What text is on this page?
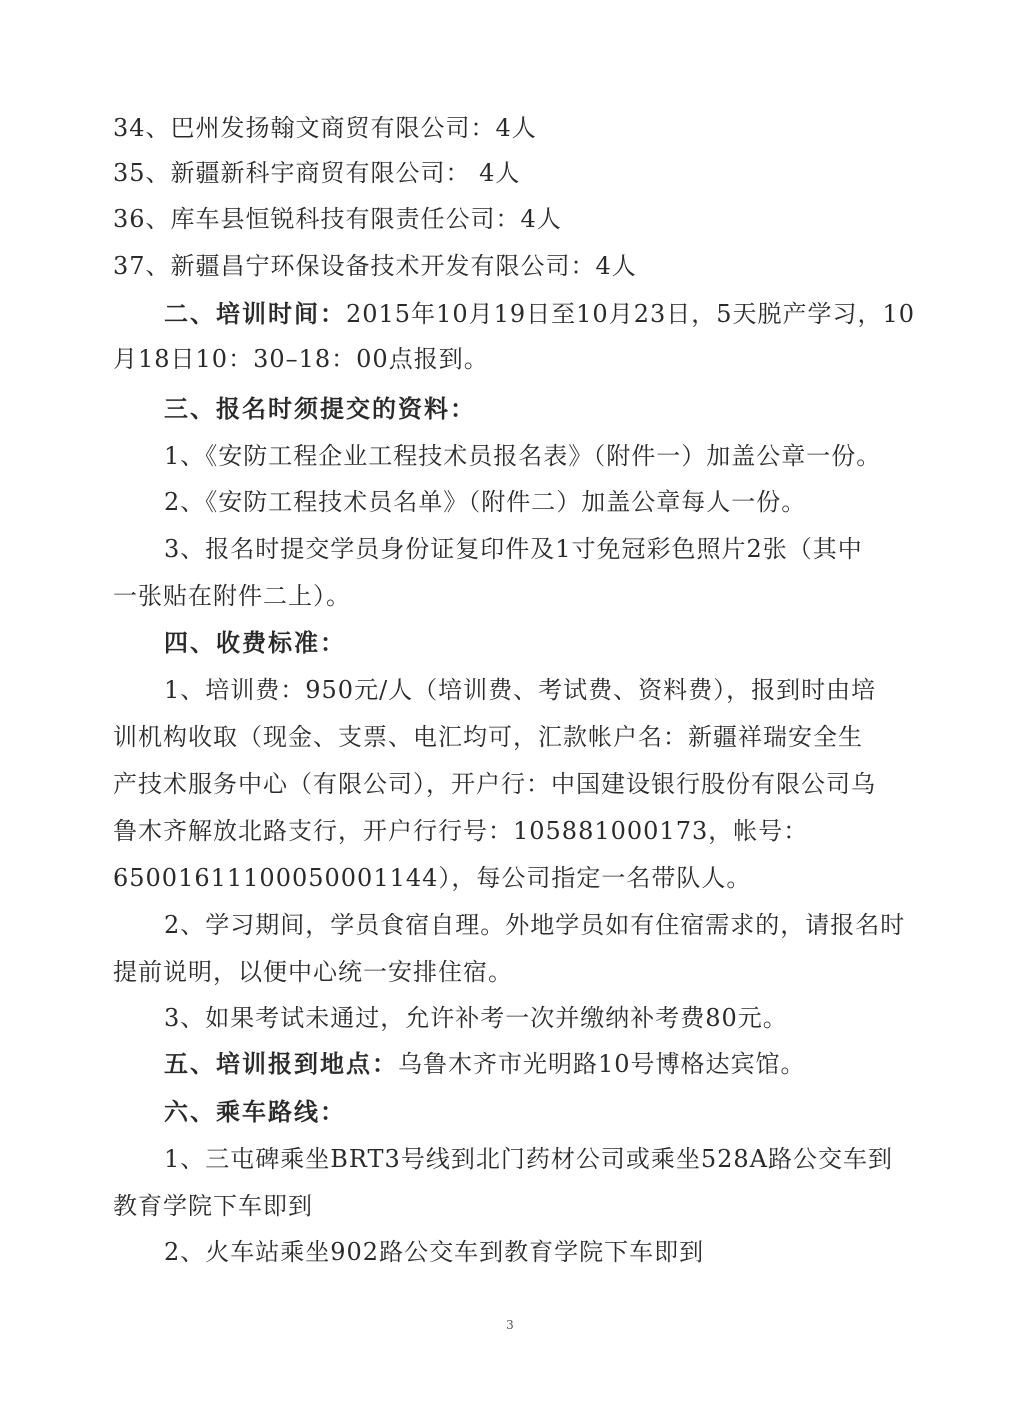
34、巴州发扬翰文商贸有限公司：4人
35、新疆新科宇商贸有限公司： 4人
36、库车县恒锐科技有限责任公司：4人
37、新疆昌宁环保设备技术开发有限公司：4人
二、培训时间：2015年10月19日至10月23日，5天脱产学习，10
月18日10：30–18：00点报到。
三、报名时须提交的资料：
1、《安防工程企业工程技术员报名表》（附件一）加盖公章一份。
2、《安防工程技术员名单》（附件二）加盖公章每人一份。
3、报名时提交学员身份证复印件及1寸免冠彩色照片2张（其中
一张贴在附件二上）。
四、收费标准：
1、培训费：950元/人（培训费、考试费、资料费），报到时由培
训机构收取（现金、支票、电汇均可，汇款帐户名：新疆祥瑞安全生
产技术服务中心（有限公司），开户行：中国建设银行股份有限公司乌
鲁木齐解放北路支行，开户行行号：105881000173，帐号：
65001611100050001144），每公司指定一名带队人。
2、学习期间，学员食宿自理。外地学员如有住宿需求的，请报名时
提前说明，以便中心统一安排住宿。
3、如果考试未通过，允许补考一次并缴纳补考费80元。
五、培训报到地点：乌鲁木齐市光明路10号博格达宾馆。
六、乘车路线：
1、三屯碑乘坐BRT3号线到北门药材公司或乘坐528A路公交车到
教育学院下车即到
2、火车站乘坐902路公交车到教育学院下车即到
3
